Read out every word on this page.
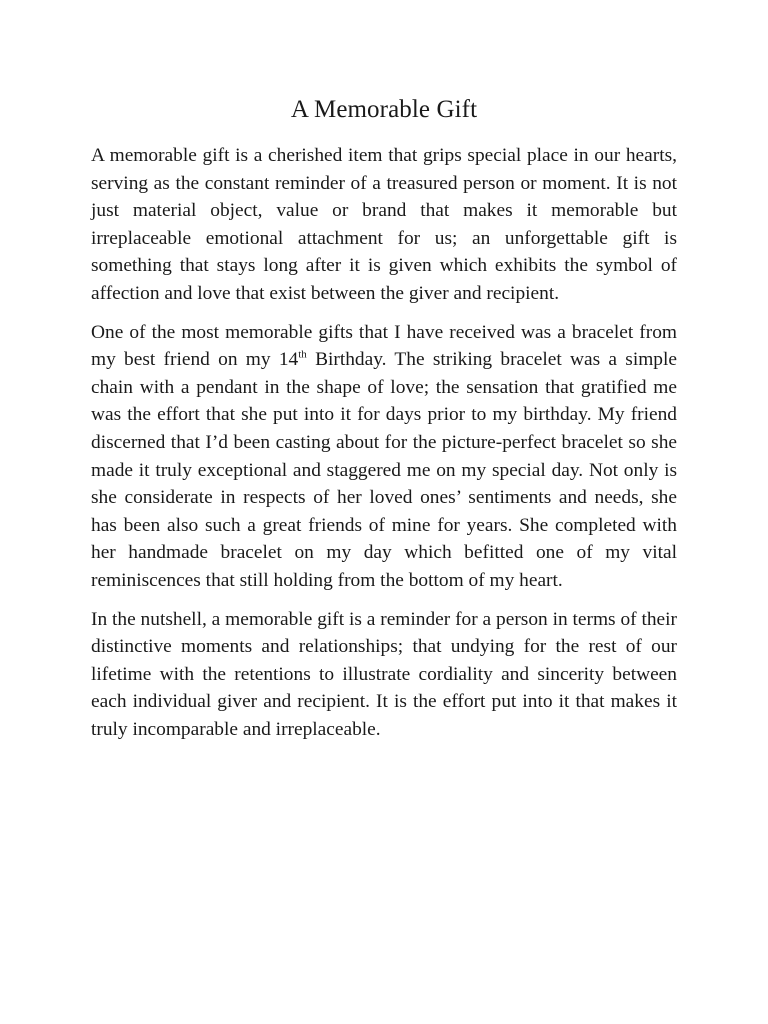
A Memorable Gift

A memorable gift is a cherished item that grips special place in our hearts, serving as the constant reminder of a treasured person or moment. It is not just material object, value or brand that makes it memorable but irreplaceable emotional attachment for us; an unforgettable gift is something that stays long after it is given which exhibits the symbol of affection and love that exist between the giver and recipient.

One of the most memorable gifts that I have received was a bracelet from my best friend on my 14th Birthday. The striking bracelet was a simple chain with a pendant in the shape of love; the sensation that gratified me was the effort that she put into it for days prior to my birthday. My friend discerned that I’d been casting about for the picture-perfect bracelet so she made it truly exceptional and staggered me on my special day. Not only is she considerate in respects of her loved ones’ sentiments and needs, she has been also such a great friends of mine for years. She completed with her handmade bracelet on my day which befitted one of my vital reminiscences that still holding from the bottom of my heart.

In the nutshell, a memorable gift is a reminder for a person in terms of their distinctive moments and relationships; that undying for the rest of our lifetime with the retentions to illustrate cordiality and sincerity between each individual giver and recipient. It is the effort put into it that makes it truly incomparable and irreplaceable.
